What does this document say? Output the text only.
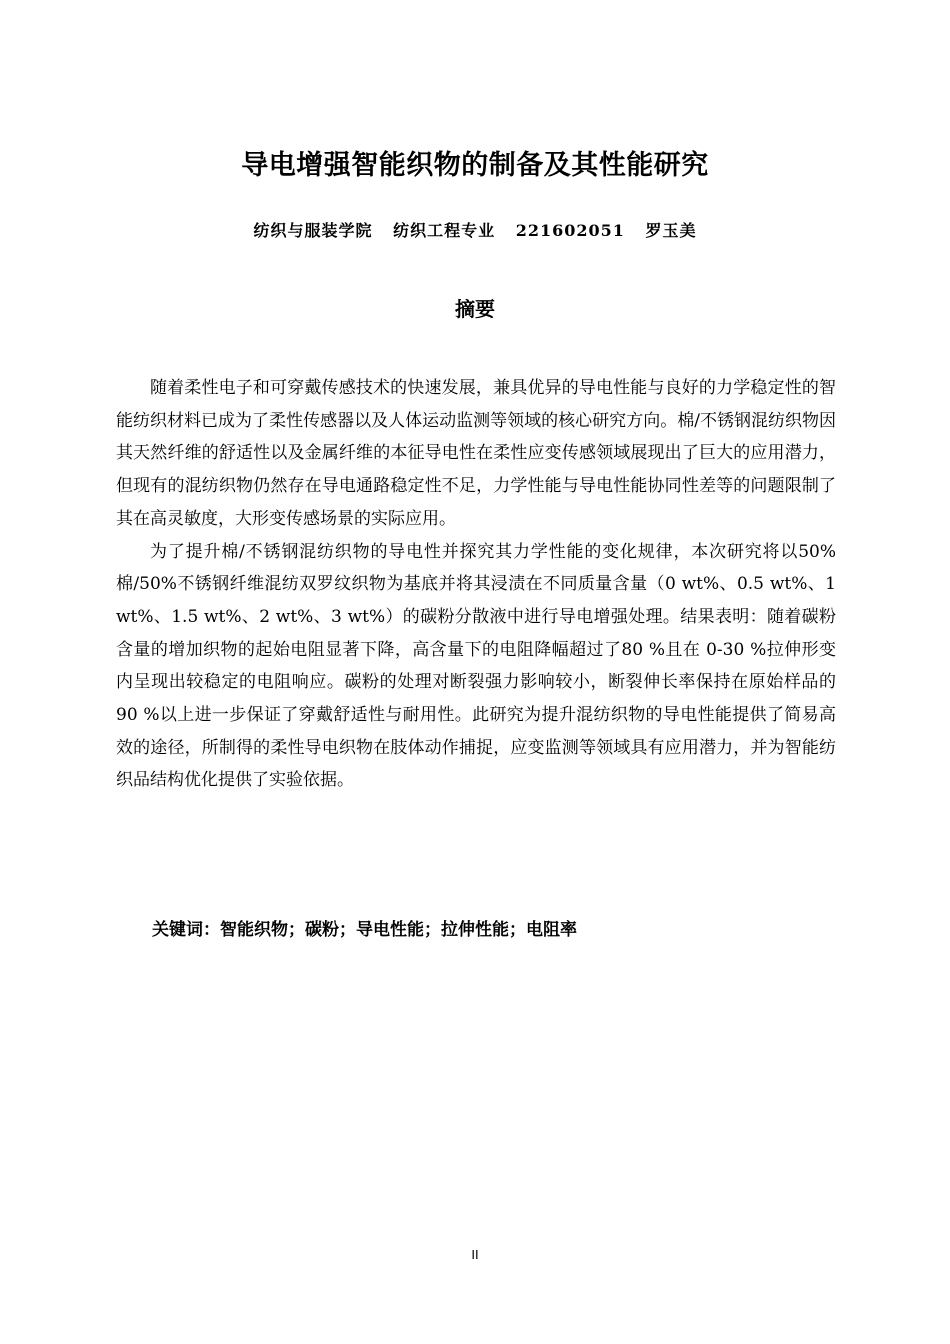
导电增强智能织物的制备及其性能研究
纺织与服装学院 纺织工程专业 221602051 罗玉美
摘要

随着柔性电子和可穿戴传感技术的快速发展，兼具优异的导电性能与良好的力学稳定性的智能纺织材料已成为了柔性传感器以及人体运动监测等领域的核心研究方向。棉/不锈钢混纺织物因其天然纤维的舒适性以及金属纤维的本征导电性在柔性应变传感领域展现出了巨大的应用潜力，但现有的混纺织物仍然存在导电通路稳定性不足，力学性能与导电性能协同性差等的问题限制了其在高灵敏度，大形变传感场景的实际应用。

为了提升棉/不锈钢混纺织物的导电性并探究其力学性能的变化规律，本次研究将以50%棉/50%不锈钢纤维混纺双罗纹织物为基底并将其浸渍在不同质量含量（0 wt%、0.5 wt%、1 wt%、1.5 wt%、2 wt%、3 wt%）的碳粉分散液中进行导电增强处理。结果表明：随着碳粉含量的增加织物的起始电阻显著下降，高含量下的电阻降幅超过了80 %且在 0-30 %拉伸形变内呈现出较稳定的电阻响应。碳粉的处理对断裂强力影响较小，断裂伸长率保持在原始样品的 90 %以上进一步保证了穿戴舒适性与耐用性。此研究为提升混纺织物的导电性能提供了简易高效的途径，所制得的柔性导电织物在肢体动作捕捉，应变监测等领域具有应用潜力，并为智能纺织品结构优化提供了实验依据。

关键词：智能织物；碳粉；导电性能；拉伸性能；电阻率
II
